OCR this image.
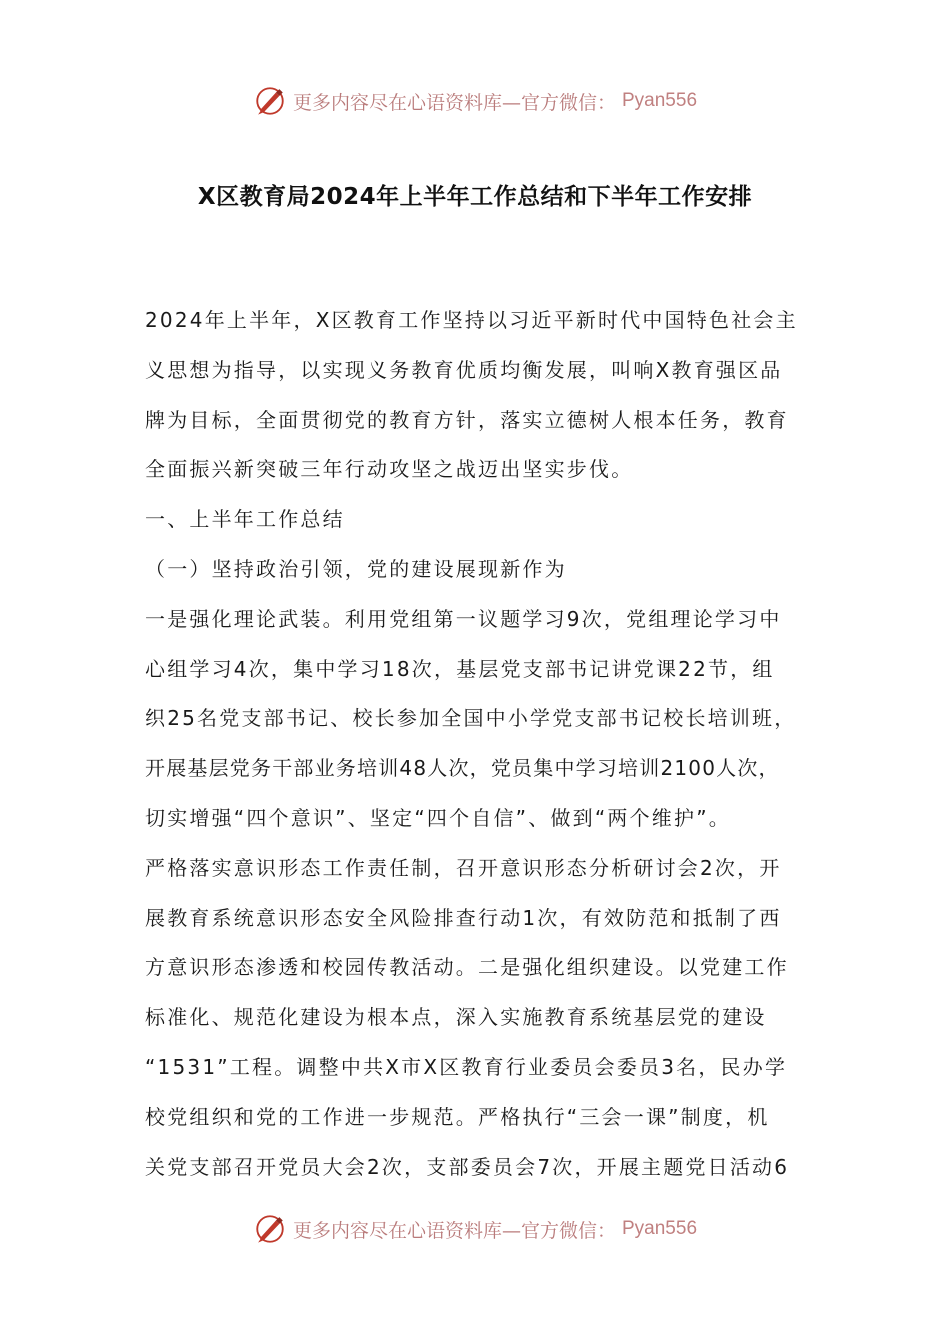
更多内容尽在心语资料库—官方微信： Pyan556
X区教育局2024年上半年工作总结和下半年工作安排
2024年上半年，X区教育工作坚持以习近平新时代中国特色社会主
义思想为指导，以实现义务教育优质均衡发展，叫响X教育强区品
牌为目标，全面贯彻党的教育方针，落实立德树人根本任务，教育
全面振兴新突破三年行动攻坚之战迈出坚实步伐。
一、上半年工作总结
（一）坚持政治引领，党的建设展现新作为
一是强化理论武装。利用党组第一议题学习9次，党组理论学习中
心组学习4次，集中学习18次，基层党支部书记讲党课22节，组
织25名党支部书记、校长参加全国中小学党支部书记校长培训班，
开展基层党务干部业务培训48人次，党员集中学习培训2100人次，
切实增强“四个意识”、坚定“四个自信”、做到“两个维护”。
严格落实意识形态工作责任制，召开意识形态分析研讨会2次，开
展教育系统意识形态安全风险排查行动1次，有效防范和抵制了西
方意识形态渗透和校园传教活动。二是强化组织建设。以党建工作
标准化、规范化建设为根本点，深入实施教育系统基层党的建设
“1531”工程。调整中共X市X区教育行业委员会委员3名，民办学
校党组织和党的工作进一步规范。严格执行“三会一课”制度，机
关党支部召开党员大会2次，支部委员会7次，开展主题党日活动6
更多内容尽在心语资料库—官方微信： Pyan556
